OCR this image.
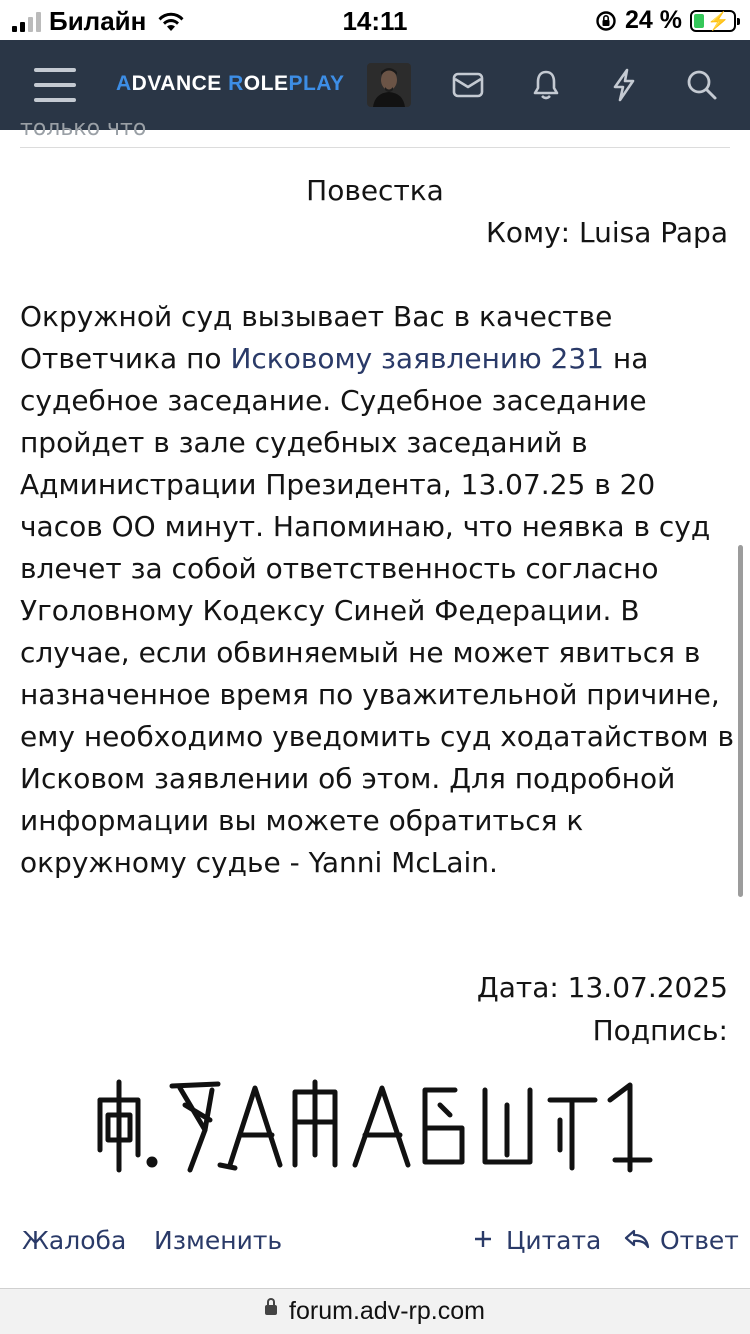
Билайн	14:11	24 % ⚡
ADVANCE ROLEPLAY
только что
Повестка
Кому: Luisa Papa
Окружной суд вызывает Вас в качестве Ответчика по Исковому заявлению 231 на судебное заседание. Судебное заседание пройдет в зале судебных заседаний в Администрации Президента, 13.07.25 в 20 часов ОО минут. Напоминаю, что неявка в суд влечет за собой ответственность согласно Уголовному Кодексу Синей Федерации. В случае, если обвиняемый не может явиться в назначенное время по уважительной причине, ему необходимо уведомить суд ходатайством в Исковом заявлении об этом. Для подробной информации вы можете обратиться к окружному судье - Yanni McLain.
Дата: 13.07.2025
Подпись:
Жалоба Изменить	Цитата	Ответ
forum.adv-rp.com
